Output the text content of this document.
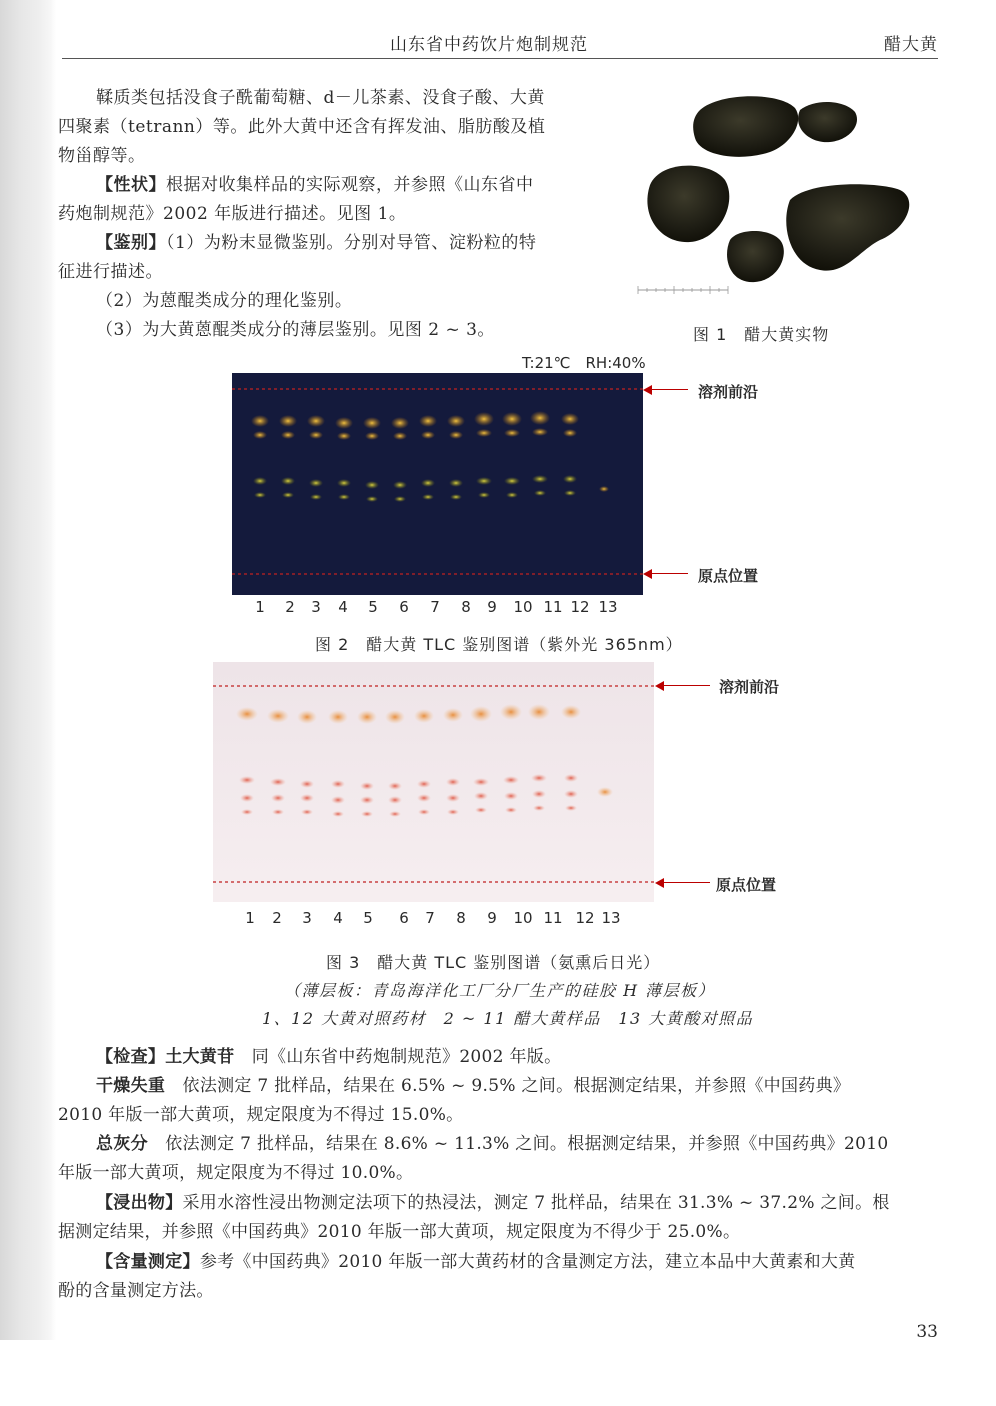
山东省中药饮片炮制规范	醋大黄
鞣质类包括没食子酰葡萄糖、d－儿茶素、没食子酸、大黄
四聚素（tetrann）等。此外大黄中还含有挥发油、脂肪酸及植
物甾醇等。
【性状】根据对收集样品的实际观察，并参照《山东省中
药炮制规范》2002 年版进行描述。见图 1。
【鉴别】（1）为粉末显微鉴别。分别对导管、淀粉粒的特
征进行描述。
（2）为蒽醌类成分的理化鉴别。
（3）为大黄蒽醌类成分的薄层鉴别。见图 2 ~ 3。	图 1　醋大黄实物
T:21℃　RH:40%
溶剂前沿
原点位置
1 2 3 4 5 6 7 8 9 10 11 12 13
图 2　醋大黄 TLC 鉴别图谱（紫外光 365nm）
溶剂前沿
原点位置
1 2 3 4 5 6 7 8 9 10 11 12 13
图 3　醋大黄 TLC 鉴别图谱（氨熏后日光）
（薄层板：青岛海洋化工厂分厂生产的硅胶 H 薄层板）
1、12 大黄对照药材　2 ~ 11 醋大黄样品　13 大黄酸对照品
【检查】土大黄苷　 同《山东省中药炮制规范》2002 年版。
干燥失重　 依法测定 7 批样品，结果在 6.5% ~ 9.5% 之间。根据测定结果，并参照《中国药典》
2010 年版一部大黄项，规定限度为不得过 15.0%。
总灰分　 依法测定 7 批样品，结果在 8.6% ~ 11.3% 之间。根据测定结果，并参照《中国药典》2010
年版一部大黄项，规定限度为不得过 10.0%。
【浸出物】采用水溶性浸出物测定法项下的热浸法，测定 7 批样品，结果在 31.3% ~ 37.2% 之间。根
据测定结果，并参照《中国药典》2010 年版一部大黄项，规定限度为不得少于 25.0%。
【含量测定】参考《中国药典》2010 年版一部大黄药材的含量测定方法，建立本品中大黄素和大黄
酚的含量测定方法。
33
